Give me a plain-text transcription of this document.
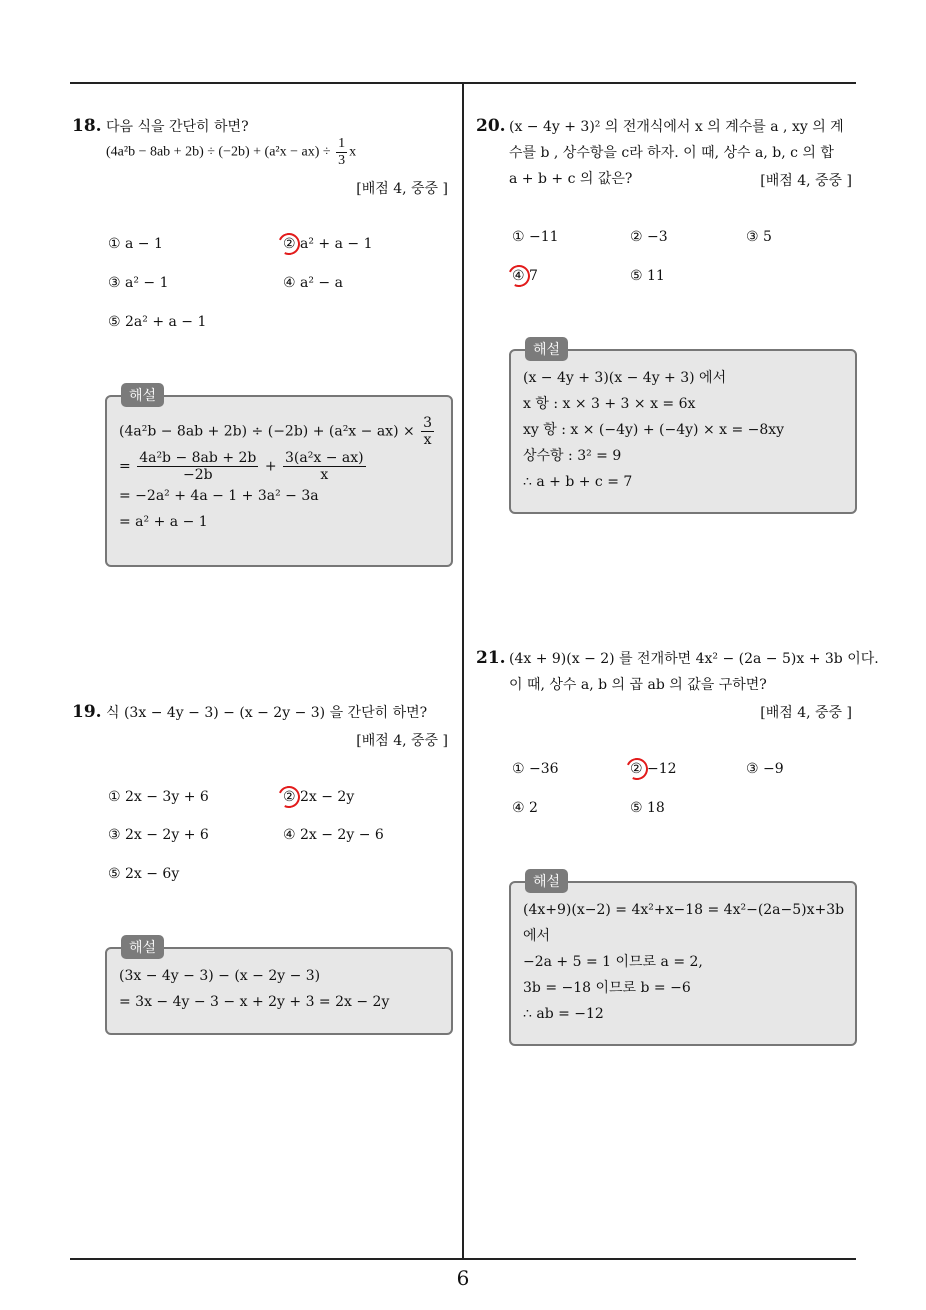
6
18. 다음 식을 간단히 하면?
$(4a^2b - 8ab + 2b) \div (-2b) + (a^2x - ax) \div \frac{1}{3}$ x
[배점 4, 중중 ]
① a − 1	② a² + a − 1
③ a² − 1	④ a² − a
⑤ 2a² + a − 1
해설
$(4a^2b - 8ab + 2b) \div (-2b) + (a^2x - ax) \times \frac{3}{x}$
= $\frac{\text{4a²b − 8ab + 2b}}{-2b} + \frac{\text{3(a²x − ax)}}{x}$
= −2a² + 4a − 1 + 3a² − 3a
= a² + a − 1
19. 식 (3x − 4y − 3) − (x − 2y − 3) 을 간단히 하면?
[배점 4, 중중 ]
① 2x − 3y + 6	② 2x − 2y
③ 2x − 2y + 6	④ 2x − 2y − 6
⑤ 2x − 6y
해설
(3x − 4y − 3) − (x − 2y − 3)
= 3x − 4y − 3 − x + 2y + 3 = 2x − 2y
20. (x − 4y + 3)² 의 전개식에서 x 의 계수를 a , xy 의 계
수를 b , 상수항을 c라 하자. 이 때, 상수 a, b, c 의 합
a + b + c 의 값은?	[배점 4, 중중 ]
① −11	② −3	③ 5
④ 7	⑤ 11
해설
(x − 4y + 3)(x − 4y + 3) 에서
x 항 : x × 3 + 3 × x = 6x
xy 항 : x × (−4y) + (−4y) × x = −8xy
상수항 : 3² = 9
∴ a + b + c = 7
21. (4x + 9)(x − 2) 를 전개하면 4x² − (2a − 5)x + 3b 이다.
이 때, 상수 a, b 의 곱 ab 의 값을 구하면?
[배점 4, 중중 ]
① −36	② −12	③ −9
④ 2	⑤ 18
해설
(4x+9)(x−2) = 4x²+x−18 = 4x²−(2a−5)x+3b
에서
−2a + 5 = 1 이므로 a = 2,
3b = −18 이므로 b = −6
∴ ab = −12
